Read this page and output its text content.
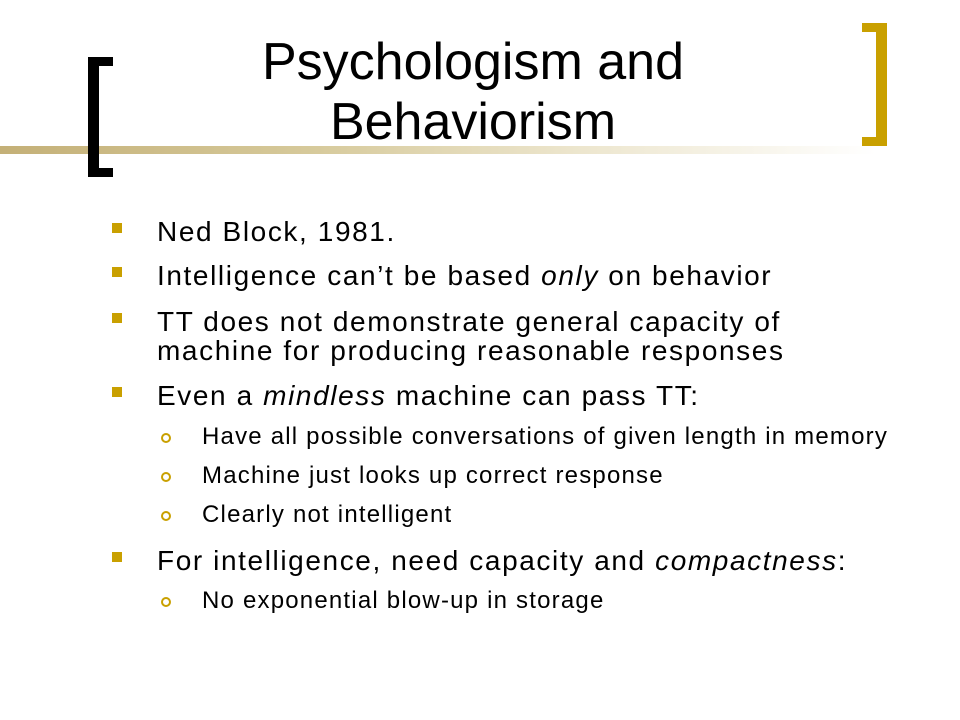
Psychologism and Behaviorism
Ned Block, 1981.
Intelligence can’t be based only on behavior
TT does not demonstrate general capacity of machine for producing reasonable responses
Even a mindless machine can pass TT:
Have all possible conversations of given length in memory
Machine just looks up correct response
Clearly not intelligent
For intelligence, need capacity and compactness:
No exponential blow-up in storage
